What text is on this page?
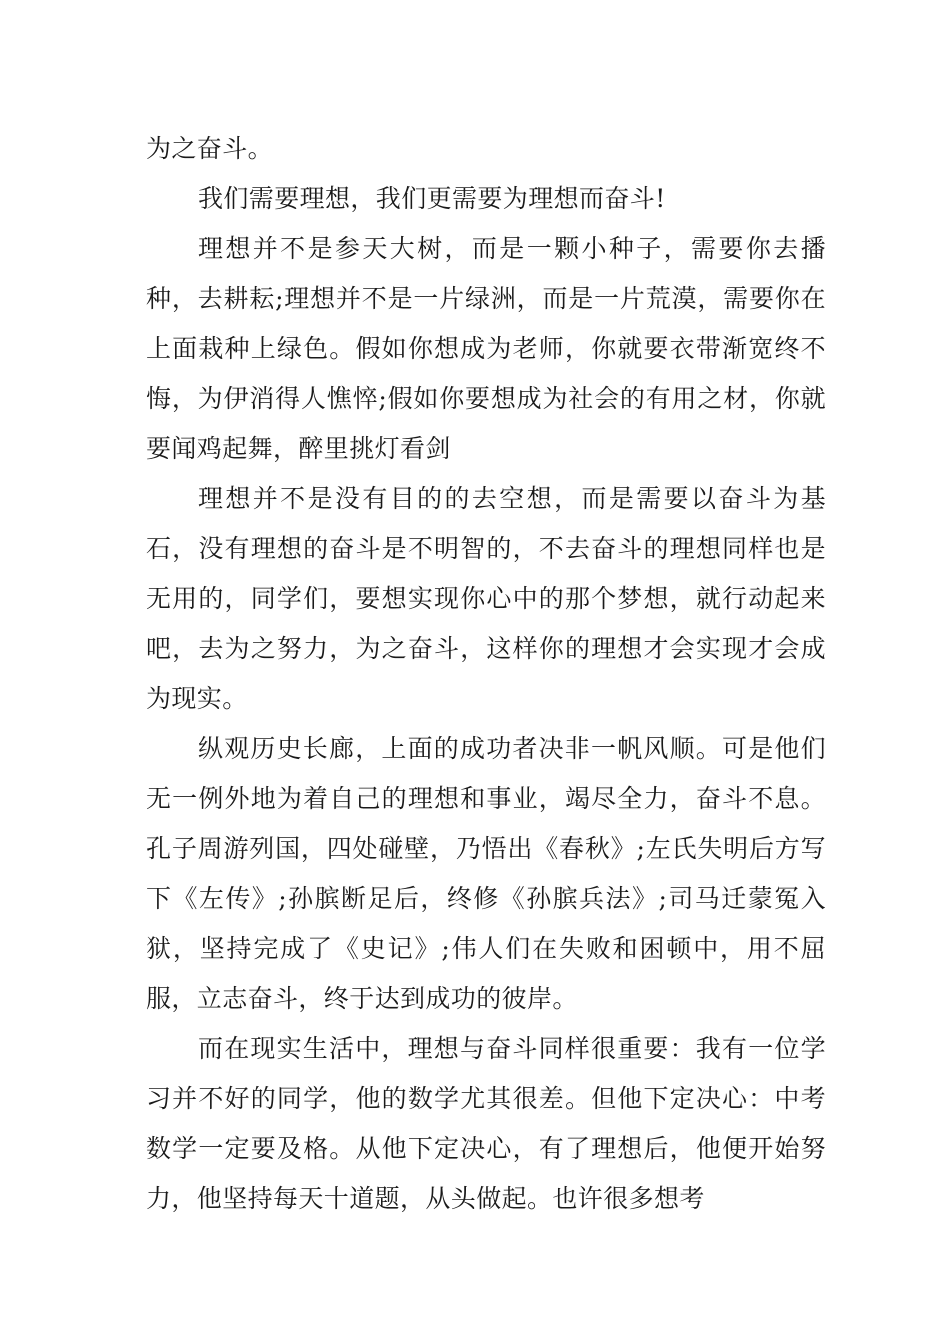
为之奋斗。

我们需要理想，我们更需要为理想而奋斗!

理想并不是参天大树，而是一颗小种子，需要你去播种，去耕耘;理想并不是一片绿洲，而是一片荒漠，需要你在上面栽种上绿色。假如你想成为老师，你就要衣带渐宽终不悔，为伊消得人憔悴;假如你要想成为社会的有用之材，你就要闻鸡起舞，醉里挑灯看剑

理想并不是没有目的的去空想，而是需要以奋斗为基石，没有理想的奋斗是不明智的，不去奋斗的理想同样也是无用的，同学们，要想实现你心中的那个梦想，就行动起来吧，去为之努力，为之奋斗，这样你的理想才会实现才会成为现实。

纵观历史长廊，上面的成功者决非一帆风顺。可是他们无一例外地为着自己的理想和事业，竭尽全力，奋斗不息。孔子周游列国，四处碰壁，乃悟出《春秋》;左氏失明后方写下《左传》;孙膑断足后，终修《孙膑兵法》;司马迁蒙冤入狱，坚持完成了《史记》;伟人们在失败和困顿中，用不屈服，立志奋斗，终于达到成功的彼岸。

而在现实生活中，理想与奋斗同样很重要：我有一位学习并不好的同学，他的数学尤其很差。但他下定决心：中考数学一定要及格。从他下定决心，有了理想后，他便开始努力，他坚持每天十道题，从头做起。也许很多想考
